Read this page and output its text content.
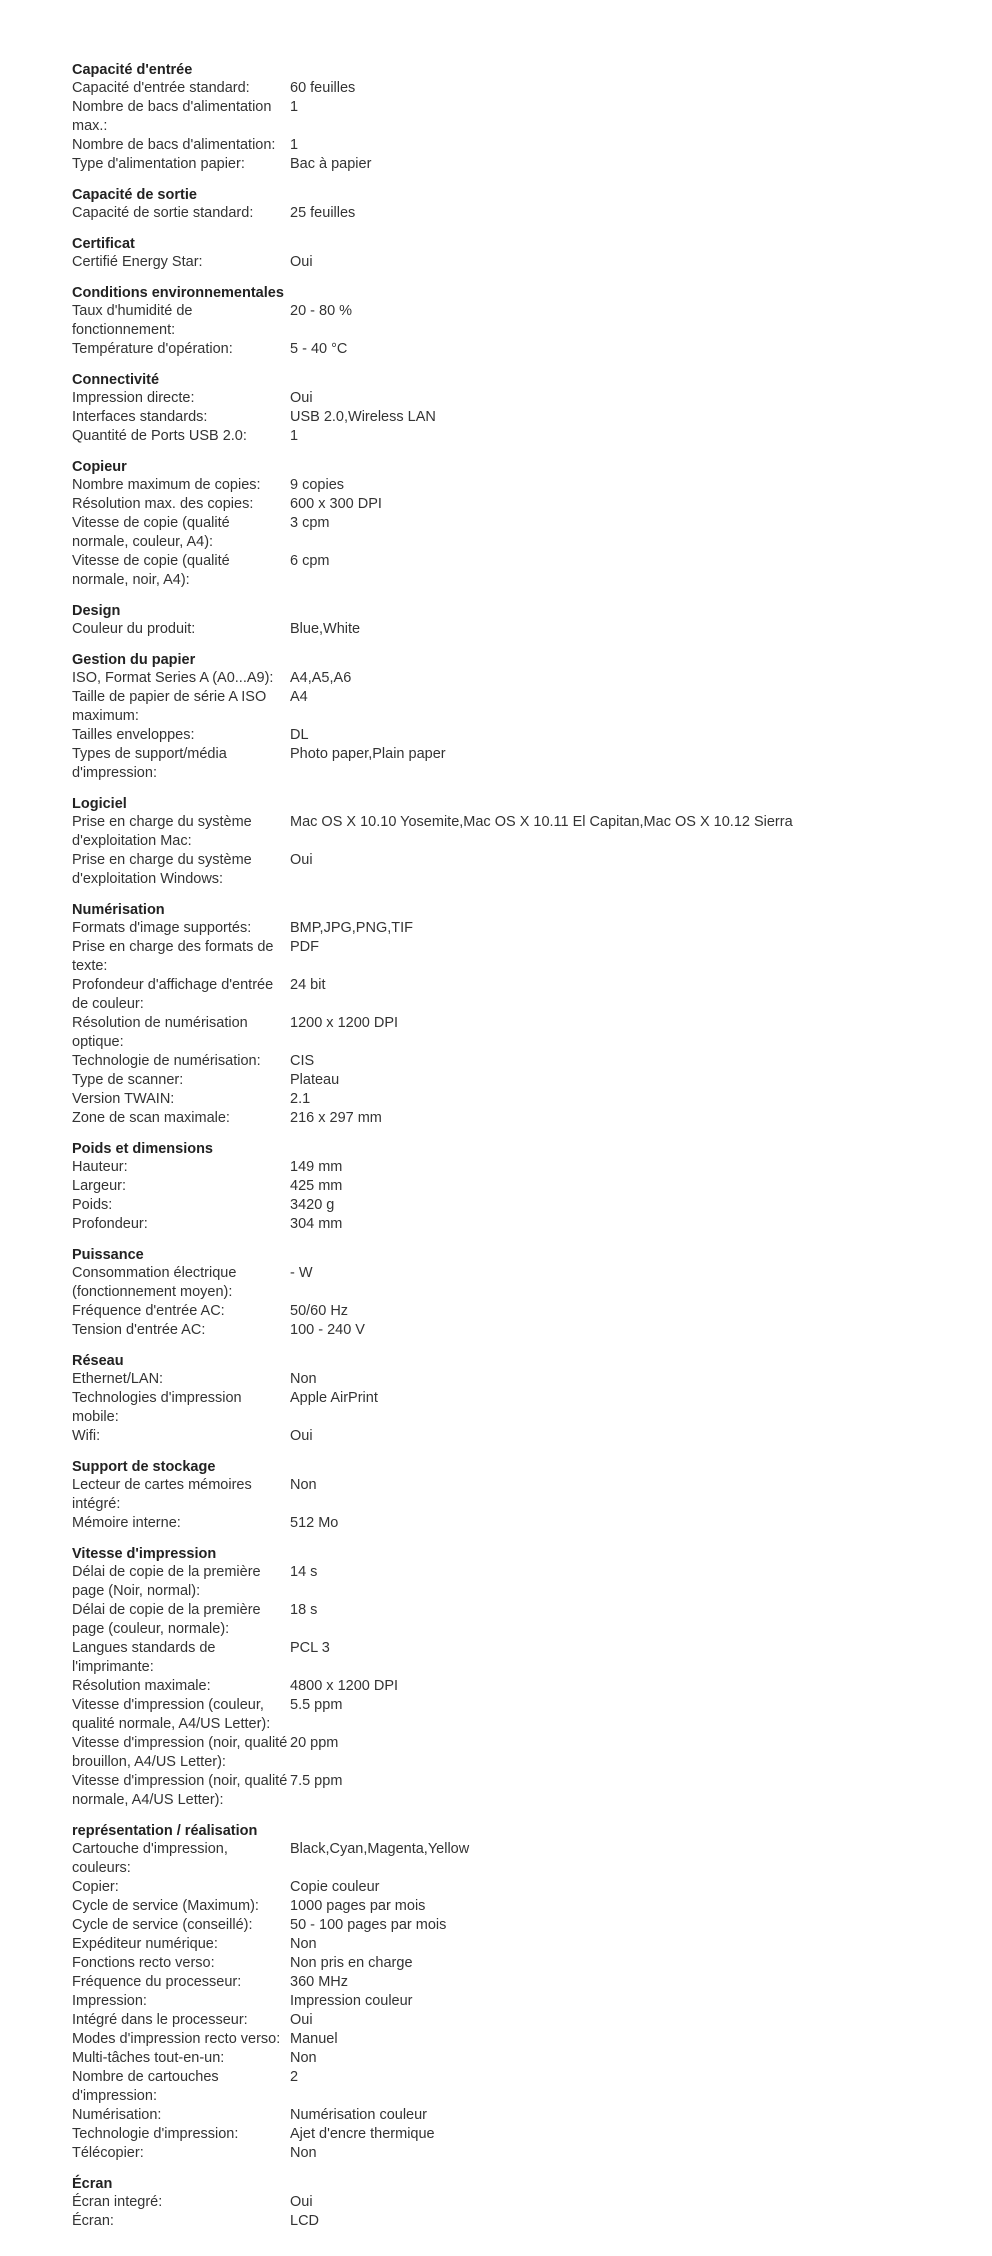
Capacité d'entrée
Capacité d'entrée standard:	60 feuilles
Nombre de bacs d'alimentation max.:
1
Nombre de bacs d'alimentation:	1
Type d'alimentation papier:	Bac à papier
Capacité de sortie
Capacité de sortie standard:	25 feuilles
Certificat
Certifié Energy Star:	Oui
Conditions environnementales
Taux d'humidité de fonctionnement:
20 - 80 %
Température d'opération:	5 - 40 °C
Connectivité
Impression directe:	Oui
Interfaces standards:	USB 2.0,Wireless LAN
Quantité de Ports USB 2.0:	1
Copieur
Nombre maximum de copies:	9 copies
Résolution max. des copies:	600 x 300 DPI
Vitesse de copie (qualité normale, couleur, A4):
3 cpm
Vitesse de copie (qualité normale, noir, A4):
6 cpm
Design
Couleur du produit:	Blue,White
Gestion du papier
ISO, Format Series A (A0...A9):	A4,A5,A6
Taille de papier de série A ISO maximum:
A4
Tailles enveloppes:	DL
Types de support/média d'impression:
Photo paper,Plain paper
Logiciel
Prise en charge du système d'exploitation Mac:
Mac OS X 10.10 Yosemite,Mac OS X 10.11 El Capitan,Mac OS X 10.12 Sierra
Prise en charge du système d'exploitation Windows:
Oui
Numérisation
Formats d'image supportés:	BMP,JPG,PNG,TIF
Prise en charge des formats de texte:
PDF
Profondeur d'affichage d'entrée de couleur:
24 bit
Résolution de numérisation optique:
1200 x 1200 DPI
Technologie de numérisation:	CIS
Type de scanner:	Plateau
Version TWAIN:	2.1
Zone de scan maximale:	216 x 297 mm
Poids et dimensions
Hauteur:	149 mm
Largeur:	425 mm
Poids:	3420 g
Profondeur:	304 mm
Puissance
Consommation électrique (fonctionnement moyen):
- W
Fréquence d'entrée AC:	50/60 Hz
Tension d'entrée AC:	100 - 240 V
Réseau
Ethernet/LAN:	Non
Technologies d'impression mobile:
Apple AirPrint
Wifi:	Oui
Support de stockage
Lecteur de cartes mémoires intégré:
Non
Mémoire interne:	512 Mo
Vitesse d'impression
Délai de copie de la première page (Noir, normal):
14 s
Délai de copie de la première page (couleur, normale):
18 s
Langues standards de l'imprimante:
PCL 3
Résolution maximale:	4800 x 1200 DPI
Vitesse d'impression (couleur, qualité normale, A4/US Letter):
5.5 ppm
Vitesse d'impression (noir, qualité brouillon, A4/US Letter):
20 ppm
Vitesse d'impression (noir, qualité normale, A4/US Letter):
7.5 ppm
représentation / réalisation
Cartouche d'impression, couleurs:
Black,Cyan,Magenta,Yellow
Copier:	Copie couleur
Cycle de service (Maximum):	1000 pages par mois
Cycle de service (conseillé):	50 - 100 pages par mois
Expéditeur numérique:	Non
Fonctions recto verso:	Non pris en charge
Fréquence du processeur:	360 MHz
Impression:	Impression couleur
Intégré dans le processeur:	Oui
Modes d'impression recto verso: Manuel
Multi-tâches tout-en-un:	Non
Nombre de cartouches d'impression:
2
Numérisation:	Numérisation couleur
Technologie d'impression:	Ajet d'encre thermique
Télécopier:	Non
Écran
Écran integré:	Oui
Écran:	LCD
